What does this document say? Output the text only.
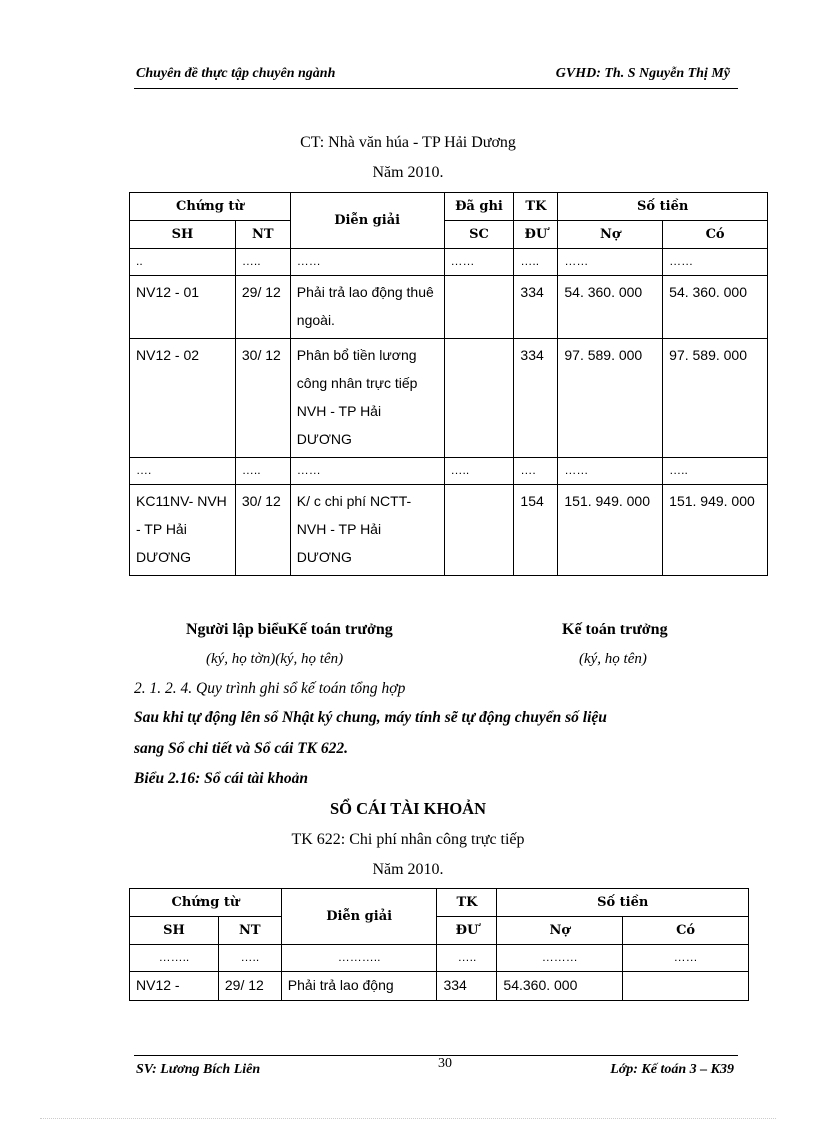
Chuyên đề thực tập chuyên ngành	GVHD: Th. S Nguyễn Thị Mỹ
CT: Nhà văn húa - TP Hải Dương
Năm 2010.
Chứng từ		Diễn giải	Đã ghi	TK	Số tiền	
SH	NT		SC	ĐƯ	Nợ	Có
..	…..	……	……	…..	……	……
NV12 - 01	29/ 12	Phải trả lao động thuê ngoài.		334	54. 360. 000	54. 360. 000
NV12 - 02	30/ 12	Phân bổ tiền lương công nhân trực tiếp NVH - TP Hải DƯƠNG		334	97. 589. 000	97. 589. 000
….	…..	……	…..	….	……	…..
KC11NV- NVH - TP Hải DƯƠNG	30/ 12	K/ c chi phí NCTT- NVH - TP Hải DƯƠNG		154	151. 949. 000	151. 949. 000
Người lập biểuKế toán trưởng	Kế toán trưởng
(ký, họ tờn)(ký, họ tên)	(ký, họ tên)
2. 1. 2. 4. Quy trình ghi sổ kế toán tổng hợp
Sau khi tự động lên sổ Nhật ký chung, máy tính sẽ tự động chuyển số liệu
sang Sổ chi tiết và Sổ cái TK 622.
Biểu 2.16: Sổ cái tài khoản
SỔ CÁI TÀI KHOẢN
TK 622: Chi phí nhân công trực tiếp
Năm 2010.
Chứng từ		Diễn giải	TK	Số tiền	
SH	NT		ĐƯ	Nợ	Có
……..	…..	………..	…..	………	……
NV12 -	29/ 12	Phải trả lao động	334	54.360. 000	
SV: Lương Bích Liên	30	Lớp: Kế toán 3 – K39
